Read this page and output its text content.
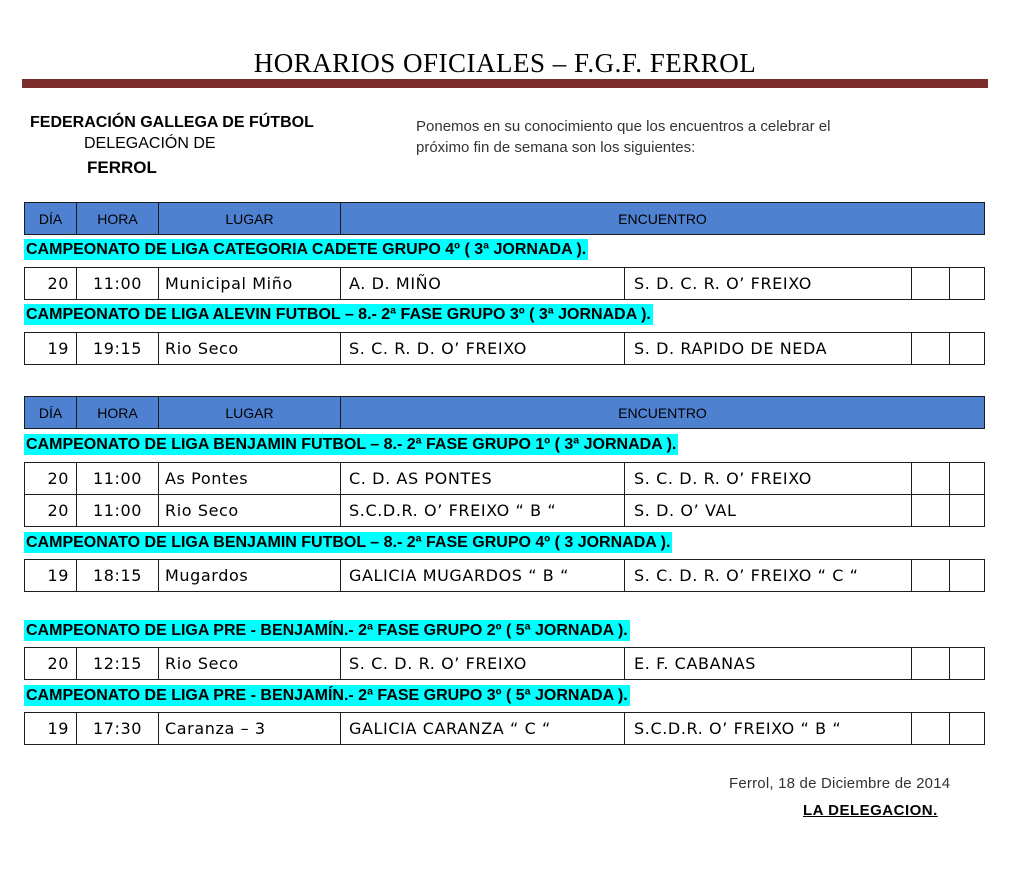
HORARIOS OFICIALES – F.G.F. FERROL
FEDERACIÓN GALLEGA DE FÚTBOL
DELEGACIÓN DE
FERROL
Ponemos en su conocimiento que los encuentros a celebrar el
próximo fin de semana son los siguientes:
DÍA	HORA	LUGAR	ENCUENTRO
CAMPEONATO DE LIGA CATEGORIA CADETE GRUPO 4º ( 3ª JORNADA ).
20	11:00	Municipal Miño	A. D. MIÑO	S. D. C. R. O’ FREIXO
CAMPEONATO DE LIGA ALEVIN FUTBOL – 8.- 2ª FASE GRUPO 3º ( 3ª JORNADA ).
19	19:15	Rio Seco	S. C. R. D. O’ FREIXO	S. D. RAPIDO DE NEDA
DÍA	HORA	LUGAR	ENCUENTRO
CAMPEONATO DE LIGA BENJAMIN FUTBOL – 8.- 2ª FASE GRUPO 1º ( 3ª JORNADA ).
20	11:00	As Pontes	C. D. AS PONTES	S. C. D. R. O’ FREIXO
20	11:00	Rio Seco	S.C.D.R. O’ FREIXO “ B “	S. D. O’ VAL
CAMPEONATO DE LIGA BENJAMIN FUTBOL – 8.- 2ª FASE GRUPO 4º ( 3 JORNADA ).
19	18:15	Mugardos	GALICIA MUGARDOS “ B “	S. C. D. R. O’ FREIXO “ C “
CAMPEONATO DE LIGA PRE - BENJAMÍN.- 2ª FASE GRUPO 2º ( 5ª JORNADA ).
20	12:15	Rio Seco	S. C. D. R. O’ FREIXO	E. F. CABANAS
CAMPEONATO DE LIGA PRE - BENJAMÍN.- 2ª FASE GRUPO 3º ( 5ª JORNADA ).
19	17:30	Caranza – 3	GALICIA CARANZA “ C “	S.C.D.R. O’ FREIXO “ B “
Ferrol, 18 de Diciembre de 2014
LA DELEGACION.
